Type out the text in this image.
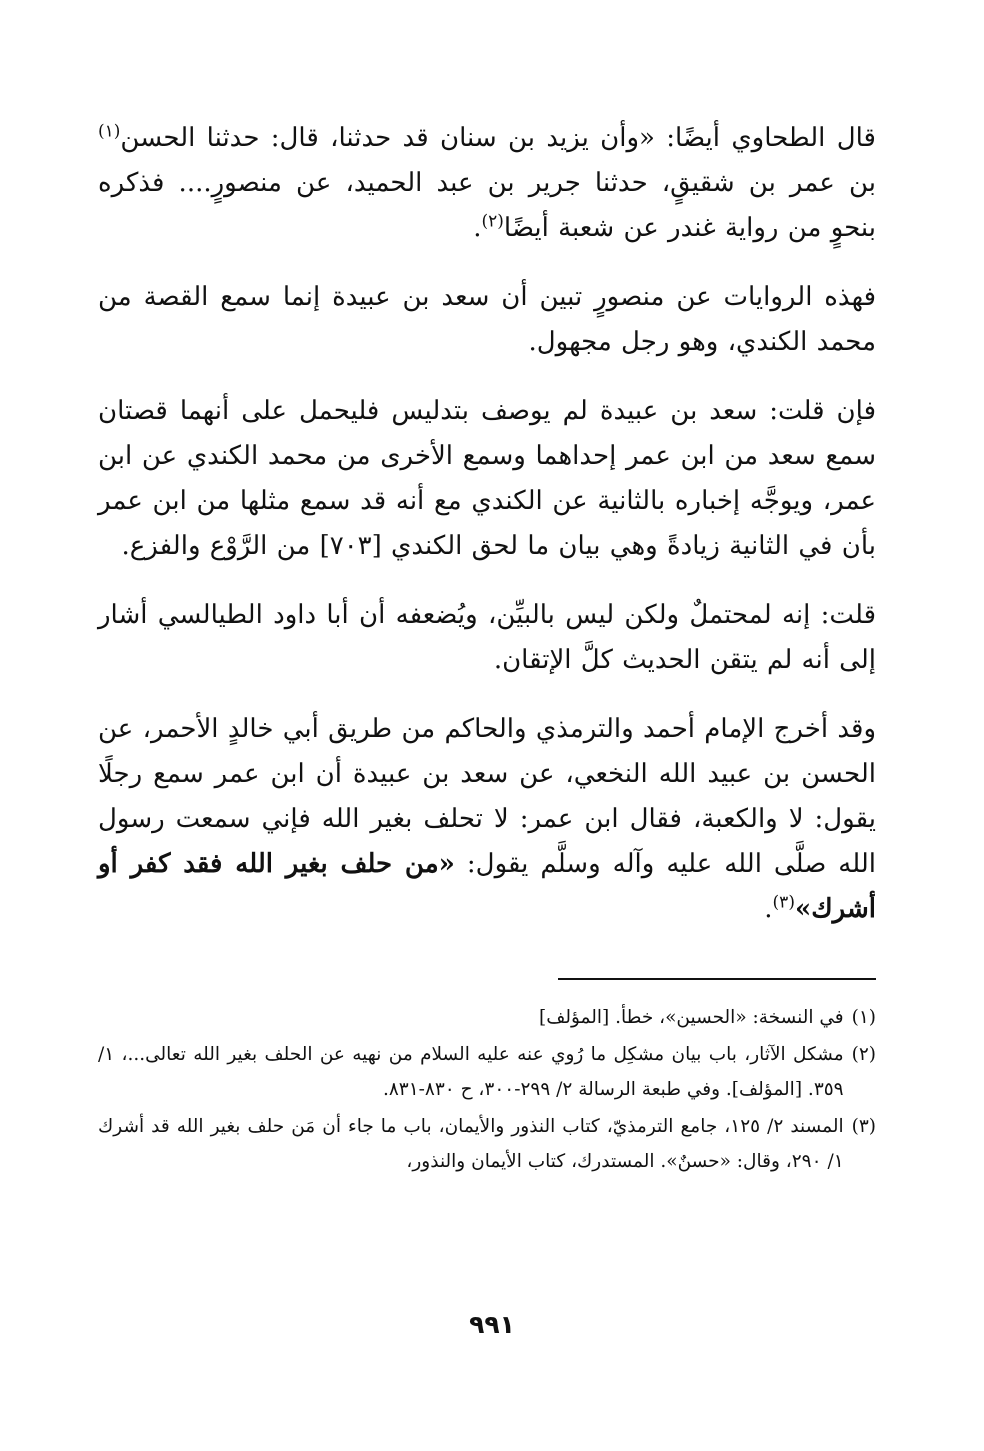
قال الطحاوي أيضًا: «وأن يزيد بن سنان قد حدثنا، قال: حدثنا الحسن$^{(١)}$ بن عمر بن شقيقٍ، حدثنا جرير بن عبد الحميد، عن منصورٍ.... فذكره بنحوٍ من رواية غندر عن شعبة أيضًا$^{(٢)}$.

فهذه الروايات عن منصورٍ تبين أن سعد بن عبيدة إنما سمع القصة من محمد الكندي، وهو رجل مجهول.

فإن قلت: سعد بن عبيدة لم يوصف بتدليس فليحمل على أنهما قصتان سمع سعد من ابن عمر إحداهما وسمع الأخرى من محمد الكندي عن ابن عمر، ويوجَّه إخباره بالثانية عن الكندي مع أنه قد سمع مثلها من ابن عمر بأن في الثانية زيادةً وهي بيان ما لحق الكندي [٧٠٣] من الرَّوْع والفزع.

قلت: إنه لمحتملٌ ولكن ليس بالبيِّن، ويُضعفه أن أبا داود الطيالسي أشار إلى أنه لم يتقن الحديث كلَّ الإتقان.

وقد أخرج الإمام أحمد والترمذي والحاكم من طريق أبي خالدٍ الأحمر، عن الحسن بن عبيد الله النخعي، عن سعد بن عبيدة أن ابن عمر سمع رجلًا يقول: لا والكعبة، فقال ابن عمر: لا تحلف بغير الله فإني سمعت رسول الله صلَّى الله عليه وآله وسلَّم يقول: «من حلف بغير الله فقد كفر أو أشرك»$^{(٣)}$.

(١)
في النسخة: «الحسين»، خطأ. [المؤلف]
(٢)
مشكل الآثار، باب بيان مشكِل ما رُوي عنه عليه السلام من نهيه عن الحلف بغير الله تعالى...، ١/ ٣٥٩. [المؤلف]. وفي طبعة الرسالة ٢/ ٢٩٩-٣٠٠، ح ٨٣٠-٨٣١.
(٣)
المسند ٢/ ١٢٥، جامع الترمذيّ، كتاب النذور والأيمان، باب ما جاء أن مَن حلف بغير الله قد أشرك ١/ ٢٩٠، وقال: «حسنٌ». المستدرك، كتاب الأيمان والنذور،
٩٩١
